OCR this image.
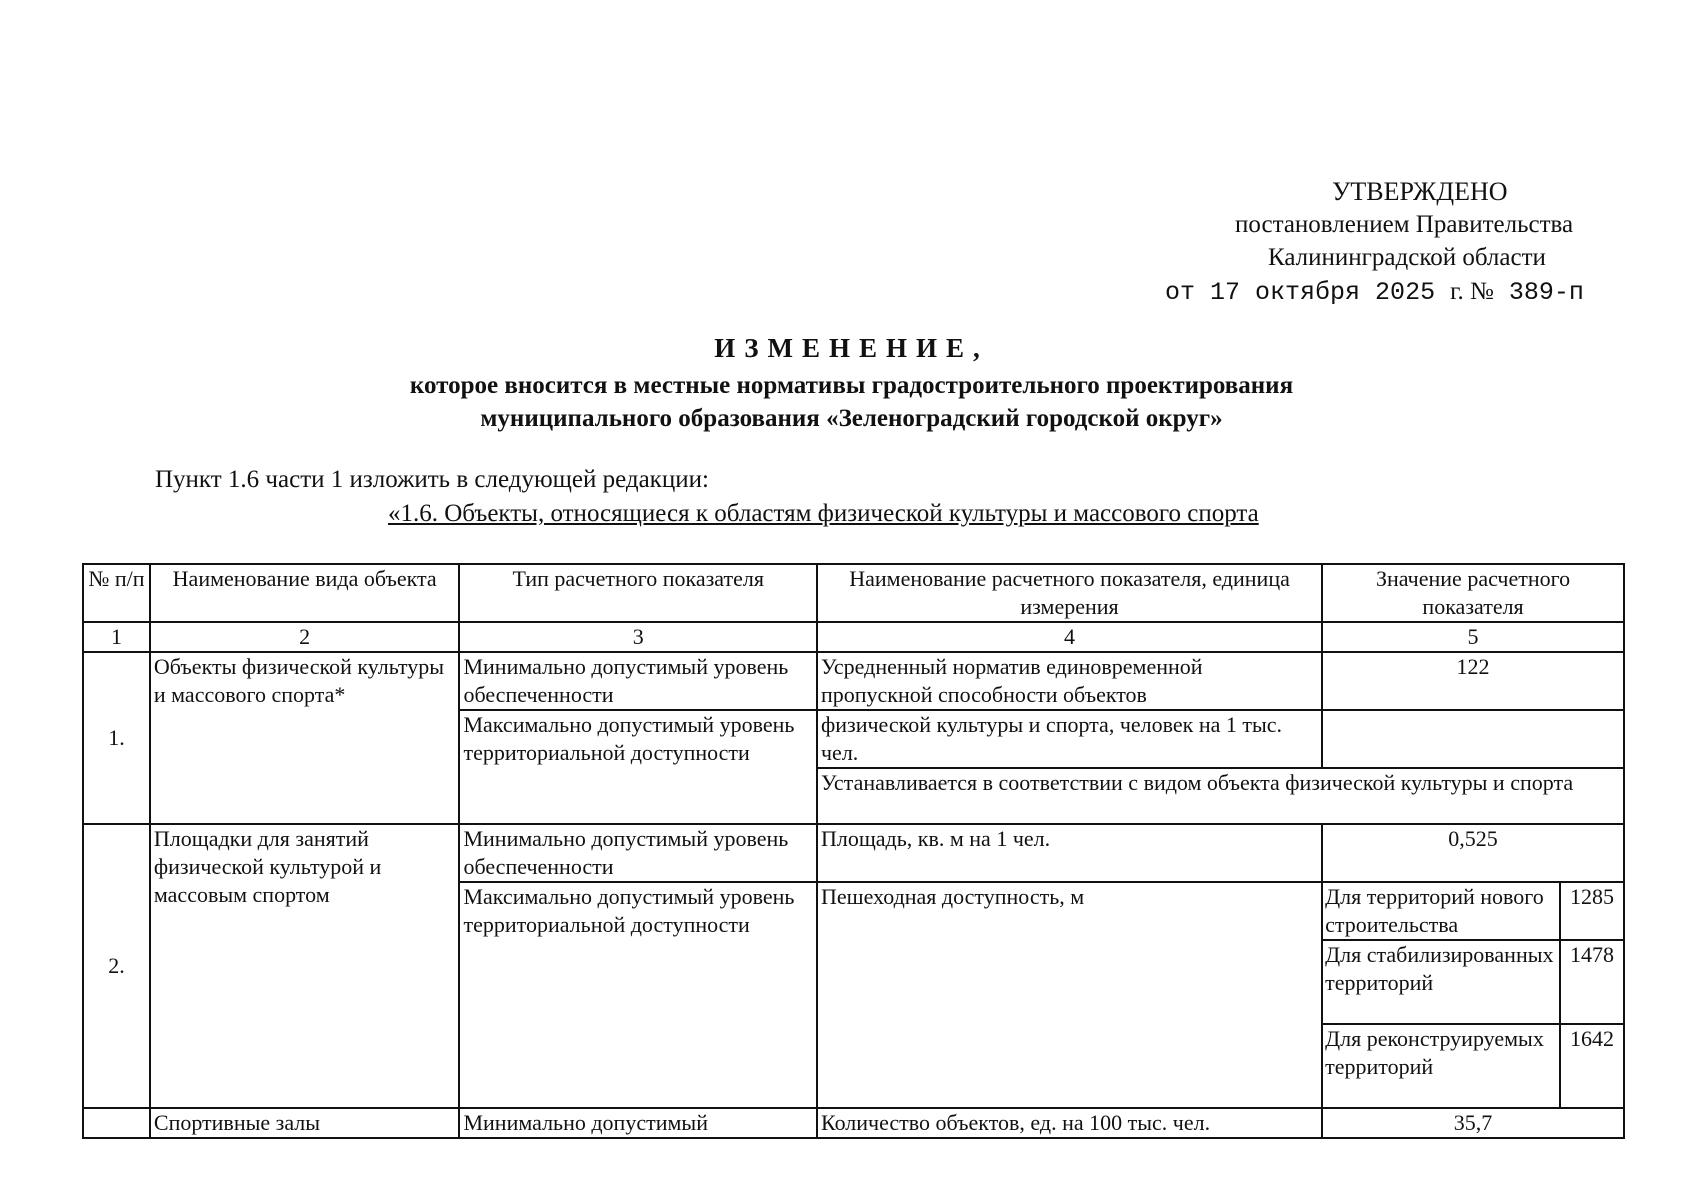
УТВЕРЖДЕНО
постановлением Правительства
Калининградской области
от 17 октября 2025 г. № 389-п
ИЗМЕНЕНИЕ,
которое вносится в местные нормативы градостроительного проектирования
муниципального образования «Зеленоградский городской округ»
Пункт 1.6 части 1 изложить в следующей редакции:
«1.6. Объекты, относящиеся к областям физической культуры и массового спорта
№ п/п	Наименование вида объекта	Тип расчетного показателя	Наименование расчетного показателя, единица измерения	Значение расчетного показателя	
1	2	3	4	5	
1.	Объекты физической культуры и массового спорта*	Минимально допустимый уровень обеспеченности	Усредненный норматив единовременной пропускной способности объектов	122	
		Максимально допустимый уровень территориальной доступности	физической культуры и спорта, человек на 1 тыс. чел.		
			Устанавливается в соответствии с видом объекта физической культуры и спорта		
2.	Площадки для занятий физической культурой и массовым спортом	Минимально допустимый уровень обеспеченности	Площадь, кв. м на 1 чел.	0,525	
		Максимально допустимый уровень территориальной доступности	Пешеходная доступность, м	Для территорий нового строительства	1285
				Для стабилизированных территорий	1478
				Для реконструируемых территорий	1642
	Спортивные залы	Минимально допустимый	Количество объектов, ед. на 100 тыс. чел.	35,7	
